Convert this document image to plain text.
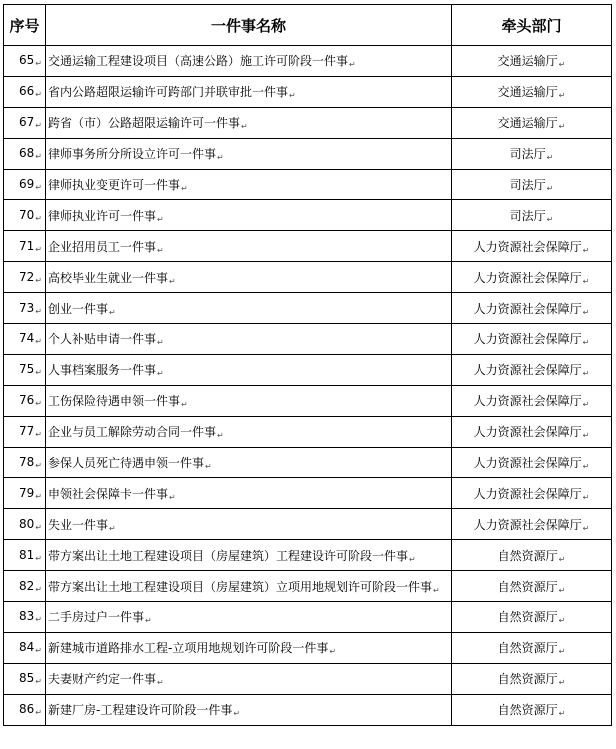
序号	一件事名称	牵头部门
65↵	交通运输工程建设项目（高速公路）施工许可阶段一件事↵	交通运输厅↵
66↵	省内公路超限运输许可跨部门并联审批一件事↵	交通运输厅↵
67↵	跨省（市）公路超限运输许可一件事↵	交通运输厅↵
68↵	律师事务所分所设立许可一件事↵	司法厅↵
69↵	律师执业变更许可一件事↵	司法厅↵
70↵	律师执业许可一件事↵	司法厅↵
71↵	企业招用员工一件事↵	人力资源社会保障厅↵
72↵	高校毕业生就业一件事↵	人力资源社会保障厅↵
73↵	创业一件事↵	人力资源社会保障厅↵
74↵	个人补贴申请一件事↵	人力资源社会保障厅↵
75↵	人事档案服务一件事↵	人力资源社会保障厅↵
76↵	工伤保险待遇申领一件事↵	人力资源社会保障厅↵
77↵	企业与员工解除劳动合同一件事↵	人力资源社会保障厅↵
78↵	参保人员死亡待遇申领一件事↵	人力资源社会保障厅↵
79↵	申领社会保障卡一件事↵	人力资源社会保障厅↵
80↵	失业一件事↵	人力资源社会保障厅↵
81↵	带方案出让土地工程建设项目（房屋建筑）工程建设许可阶段一件事↵	自然资源厅↵
82↵	带方案出让土地工程建设项目（房屋建筑）立项用地规划许可阶段一件事↵	自然资源厅↵
83↵	二手房过户一件事↵	自然资源厅↵
84↵	新建城市道路排水工程-立项用地规划许可阶段一件事↵	自然资源厅↵
85↵	夫妻财产约定一件事↵	自然资源厅↵
86↵	新建厂房-工程建设许可阶段一件事↵	自然资源厅↵
